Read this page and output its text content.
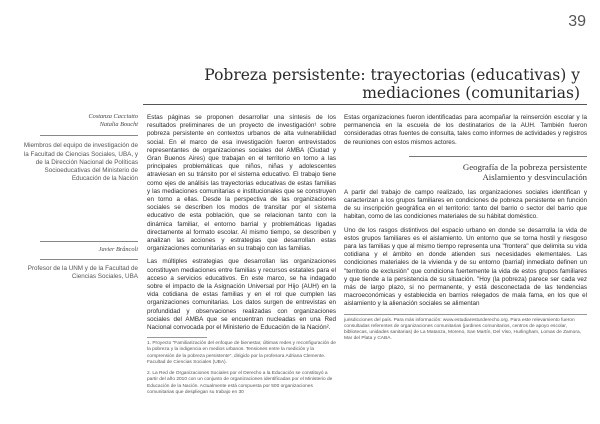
39
Pobreza persistente: trayectorias (educativas) y
mediaciones (comunitarias)
Costanza Cacciutto
Natalia Boucht
Miembros del equipo de investigación de la Facultad de Ciencias Sociales, UBA, y de la Dirección Nacional de Políticas Socioeducativas del Ministerio de Educación de la Nación
Javier Brâncoli
Profesor de la UNM y de la Facultad de Ciencias Sociales, UBA

Estas páginas se proponen desarrollar una síntesis de los resultados preliminares de un proyecto de investigación¹ sobre pobreza persistente en contextos urbanos de alta vulnerabilidad social. En el marco de esa investigación fueron entrevistados representantes de organizaciones sociales del AMBA (Ciudad y Gran Buenos Aires) que trabajan en el territorio en torno a las principales problemáticas que niños, niñas y adolescentes atraviesan en su tránsito por el sistema educativo. El trabajo tiene como ejes de análisis las trayectorias educativas de estas familias y las mediaciones comunitarias e institucionales que se construyen en torno a ellas. Desde la perspectiva de las organizaciones sociales se describen los modos de transitar por el sistema educativo de esta población, que se relacionan tanto con la dinámica familiar, el entorno barrial y problemáticas ligadas directamente al formato escolar. Al mismo tiempo, se describen y analizan las acciones y estrategias que desarrollan estas organizaciones comunitarias en su trabajo con las familias.

Las múltiples estrategias que desarrollan las organizaciones constituyen mediaciones entre familias y recursos estatales para el acceso a servicios educativos. En este marco, se ha indagado sobre el impacto de la Asignación Universal por Hijo (AUH) en la vida cotidiana de estas familias y en el rol que cumplen las organizaciones comunitarias. Los datos surgen de entrevistas en profundidad y observaciones realizadas con organizaciones sociales del AMBA que se encuentran nucleadas en una Red Nacional convocada por el Ministerio de Educación de la Nación².

1. Proyecto "Familiarización del enfoque de bienestar, últimas redes y reconfiguración de la pobreza y la indigencia en medios urbanos. Tensiones entre la medición y la comprensión de la pobreza persistente", dirigido por la profesora Adriana Clemente. Facultad de Ciencias Sociales (UBA).

2. La Red de Organizaciones Sociales por el Derecho a la Educación se constituyó a partir del año 2010 con un conjunto de organizaciones identificadas por el Ministerio de Educación de la Nación. Actualmente está compuesta por 500 organizaciones comunitarias que despliegan su trabajo en 30

Estas organizaciones fueron identificadas para acompañar la reinserción escolar y la permanencia en la escuela de los destinatarios de la AUH. También fueron consideradas otras fuentes de consulta, tales como informes de actividades y registros de reuniones con estos mismos actores.

Geografía de la pobreza persistente
Aislamiento y desvinculación

A partir del trabajo de campo realizado, las organizaciones sociales identifican y caracterizan a los grupos familiares en condiciones de pobreza persistente en función de su inscripción geográfica en el territorio: tanto del barrio o sector del barrio que habitan, como de las condiciones materiales de su hábitat doméstico.

Uno de los rasgos distintivos del espacio urbano en donde se desarrolla la vida de estos grupos familiares es el aislamiento. Un entorno que se torna hostil y riesgoso para las familias y que al mismo tiempo representa una "frontera" que delimita su vida cotidiana y el ámbito en donde atienden sus necesidades elementales. Las condiciones materiales de la vivienda y de su entorno (barrial) inmediato definen un "territorio de exclusión" que condiciona fuertemente la vida de estos grupos familiares y que tiende a la persistencia de su situación. "Hoy (la pobreza) parece ser cada vez más de largo plazo, si no permanente, y está desconectada de las tendencias macroeconómicas y establecida en barrios relegados de mala fama, en los que el aislamiento y la alienación sociales se alimentan

jurisdicciones del país. Para más información: www.estudiaresturderecho.org. Para este relevamiento fueron consultadas referentes de organizaciones comunitarias (jardines comunitarios, centros de apoyo escolar, bibliotecas, unidades sanitarias) de La Matanza, Moreno, San Martín, Del Viso, Hurlingham, Lomas de Zamora, Mar del Plata y CABA.
